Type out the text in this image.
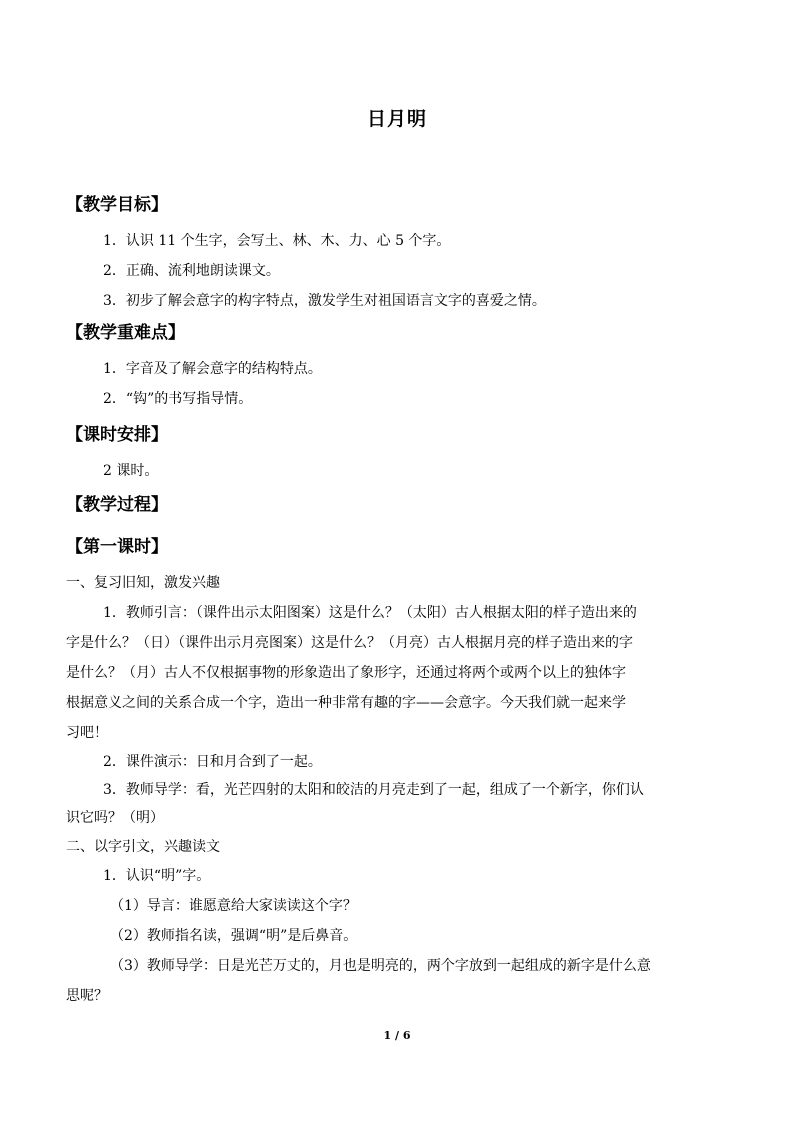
日月明
【教学目标】
1．认识 11 个生字，会写土、林、木、力、心 5 个字。
2．正确、流利地朗读课文。
3．初步了解会意字的构字特点，激发学生对祖国语言文字的喜爱之情。
【教学重难点】
1．字音及了解会意字的结构特点。
2．“钩”的书写指导情。
【课时安排】
2 课时。
【教学过程】
【第一课时】
一、复习旧知，激发兴趣
1．教师引言：（课件出示太阳图案）这是什么？（太阳）古人根据太阳的样子造出来的
字是什么？（日）（课件出示月亮图案）这是什么？（月亮）古人根据月亮的样子造出来的字
是什么？（月）古人不仅根据事物的形象造出了象形字，还通过将两个或两个以上的独体字
根据意义之间的关系合成一个字，造出一种非常有趣的字——会意字。今天我们就一起来学
习吧！
2．课件演示：日和月合到了一起。
3．教师导学：看，光芒四射的太阳和皎洁的月亮走到了一起，组成了一个新字，你们认
识它吗？（明）
二、以字引文，兴趣读文
1．认识“明”字。
（1）导言：谁愿意给大家读读这个字？
（2）教师指名读，强调“明”是后鼻音。
（3）教师导学：日是光芒万丈的，月也是明亮的，两个字放到一起组成的新字是什么意
思呢？
1 / 6
